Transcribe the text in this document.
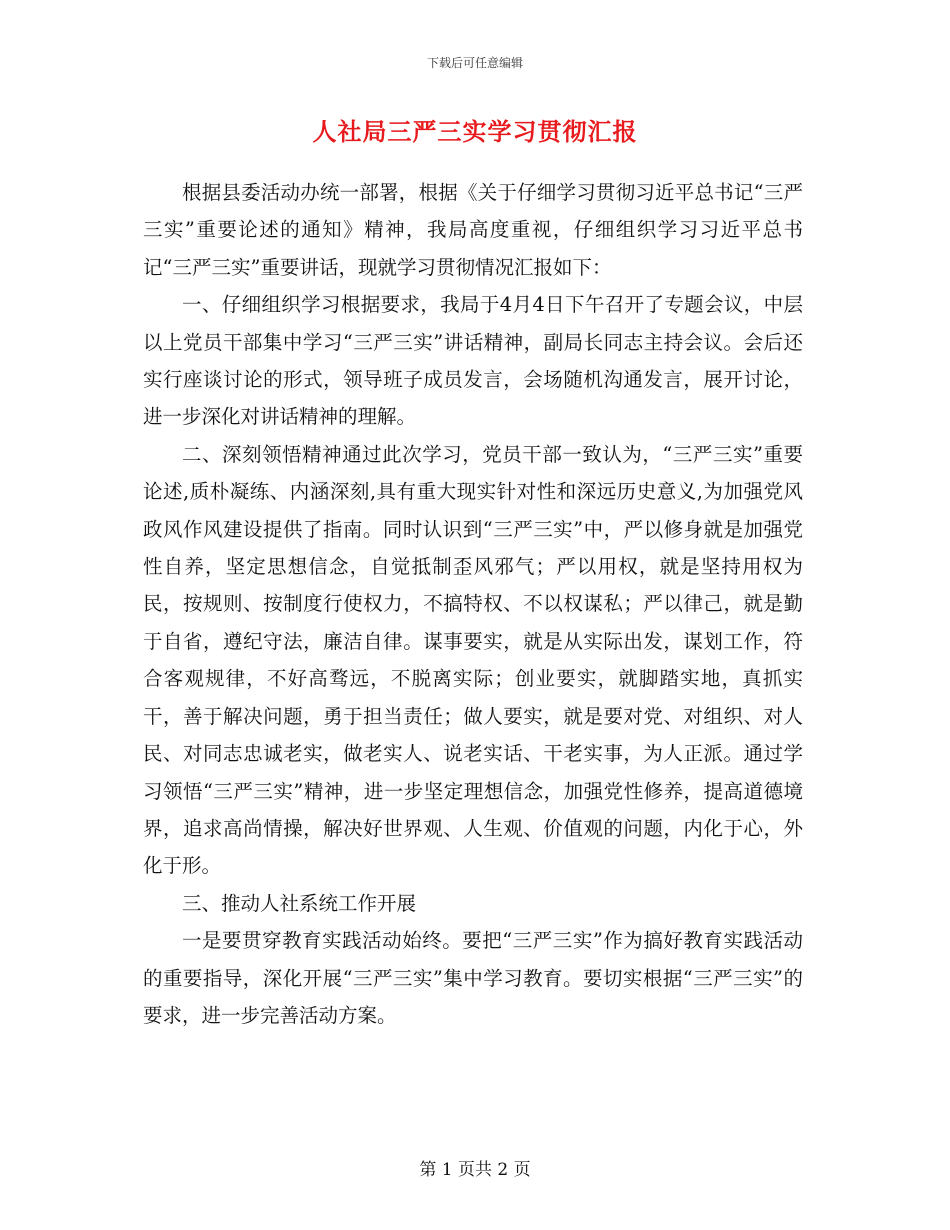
下载后可任意编辑
人社局三严三实学习贯彻汇报

根据县委活动办统一部署，根据《关于仔细学习贯彻习近平总书记“三严三实”重要论述的通知》精神，我局高度重视，仔细组织学习习近平总书记“三严三实”重要讲话，现就学习贯彻情况汇报如下：

一、仔细组织学习根据要求，我局于4月4日下午召开了专题会议，中层以上党员干部集中学习“三严三实”讲话精神，副局长同志主持会议。会后还实行座谈讨论的形式，领导班子成员发言，会场随机沟通发言，展开讨论，进一步深化对讲话精神的理解。

二、深刻领悟精神通过此次学习，党员干部一致认为，“三严三实”重要论述,质朴凝练、内涵深刻,具有重大现实针对性和深远历史意义,为加强党风政风作风建设提供了指南。同时认识到“三严三实”中，严以修身就是加强党性自养，坚定思想信念，自觉抵制歪风邪气；严以用权，就是坚持用权为民，按规则、按制度行使权力，不搞特权、不以权谋私；严以律己，就是勤于自省，遵纪守法，廉洁自律。谋事要实，就是从实际出发，谋划工作，符合客观规律，不好高骛远，不脱离实际；创业要实，就脚踏实地，真抓实干，善于解决问题，勇于担当责任；做人要实，就是要对党、对组织、对人民、对同志忠诚老实，做老实人、说老实话、干老实事，为人正派。通过学习领悟“三严三实”精神，进一步坚定理想信念，加强党性修养，提高道德境界，追求高尚情操，解决好世界观、人生观、价值观的问题，内化于心，外化于形。

三、推动人社系统工作开展

一是要贯穿教育实践活动始终。要把“三严三实”作为搞好教育实践活动的重要指导，深化开展“三严三实”集中学习教育。要切实根据“三严三实”的要求，进一步完善活动方案。

第 1 页共 2 页
